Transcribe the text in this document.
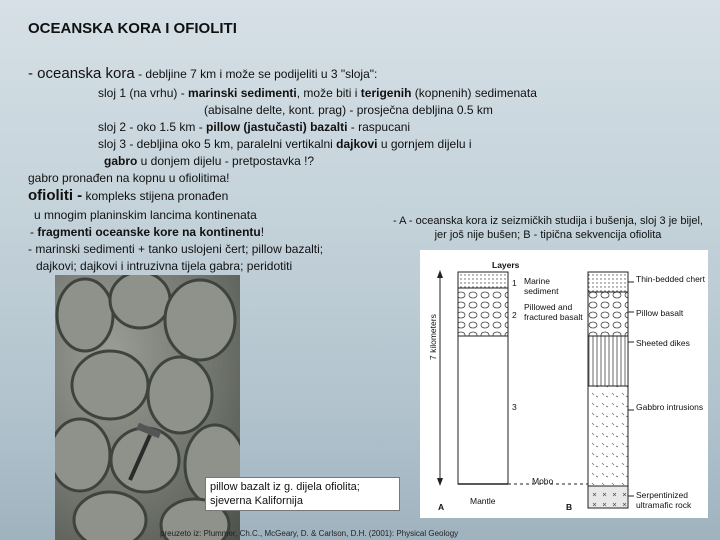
OCEANSKA KORA I OFIOLITI
- oceanska kora - debljine 7 km i može se podijeliti u 3 "sloja":
sloj 1 (na vrhu) - marinski sedimenti, može biti i terigenih (kopnenih) sedimenata
(abisalne delte, kont. prag) - prosječna debljina 0.5 km
sloj 2 - oko 1.5 km - pillow (jastučasti) bazalti - raspucani
sloj 3 - debljina oko 5 km, paralelni vertikalni dajkovi u gornjem dijelu i
gabro u donjem dijelu - pretpostavka !?
gabro pronađen na kopnu u ofiolitima!
ofioliti - kompleks stijena pronađen
u mnogim planinskim lancima kontinenata
- fragmenti oceanske kore na kontinentu!
- marinski sedimenti + tanko uslojeni čert; pillow bazalti;
dajkovi; dajkovi i intruzivna tijela gabra; peridotiti
pillow bazalt iz g. dijela ofiolita; sjeverna Kalifornija
- A - oceanska kora iz seizmičkih studija i bušenja, sloj 3 je bijel, jer još nije bušen; B - tipična sekvencija ofiolita
Layers
1 Marine sediment
2
Pillowed and fractured basalt
3
7 kilometers
Moho
Mantle
A	B
Thin-bedded chert
Pillow basalt
Sheeted dikes
Gabbro intrusions
Serpentinized ultramafic rock
preuzeto iz: Plummer, Ch.C., McGeary, D. & Carlson, D.H. (2001): Physical Geology
